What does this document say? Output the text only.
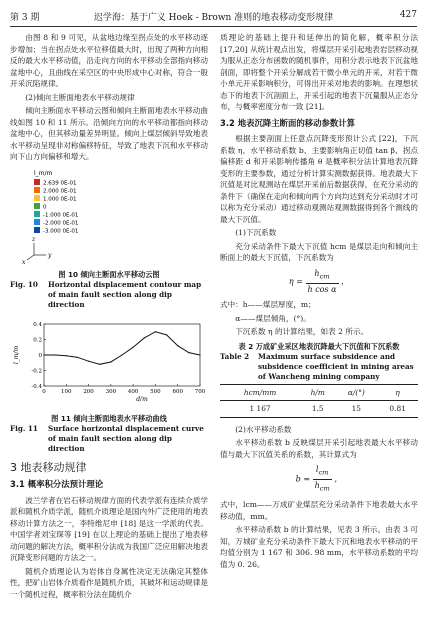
第 3 期	迟学海：基于广义 Hoek - Brown 准则的地表移动变形规律	427

由图 8 和 9 可见，从盆地边缘至拐点处的水平移动逐步增加；当在拐点处水平位移值最大时，出现了两种方向相反的最大水平移动值，沿走向方向的水平移动全部指向移动盆地中心，且曲线在采空区的中央形成中心对称，符合一般开采沉陷规律。

(2)倾向主断面地表水平移动规律

倾向主断面水平移动云图和倾向主断面地表水平移动曲线如图 10 和 11 所示。沿倾向方向的水平移动都指向移动盆地中心，但其移动量差异明显。倾向上煤层倾斜导致地表水平移动呈现非对称偏移特征，导致了地表下沉和水平移动向下山方向偏移和增大。

l_m/m
2.639 0E-01
2.000 0E-01
1.000 0E-01
0
-1.000 0E-01
-2.000 0E-01
-3.000 0E-01
z
y
x
图 10 倾向主断面水平移动云图
Fig. 10	Horizontal displacement contour map of main fault section along dip direction
0	100 200 300 400 500 600 700
-0.4
-0.2
0
0.2
0.4
d/m
l_m/m
图 11 倾向主断面地表水平移动曲线
Fig. 11	Surface horizontal displacement curve of main fault section along dip direction
3 地表移动规律
3.1 概率积分法预计理论

波兰学者在岩石移动规律方面的代表学派有连续介质学派和随机介质学派，随机介质理论是国内外广泛使用的地表移动计算方法之一，李特维尼申 [18] 是这一学派的代表。中国学者刘宝琛等 [19] 在以上理论的基础上提出了地表移动问题的解决方法，概率积分法成为我国广泛应用解决地表沉降变形问题的方法之一。

随机介质理论认为岩体自身属性决定无法确定其整体性，把矿山岩体介质看作是随机介质，其破坏和运动规律是一个随机过程，概率积分法在随机介

质理论的基础上提升和延伸出的简化解，概率积分法 [17,20] 从统计观点出发，将煤层开采引起地表岩层移动视为服从正态分布函数的随机事件，用积分表示地表下沉盆地剖面，即将整个开采分解成若干微小单元的开采，对若干微小单元开采影响积分，可得出开采对地表的影响。在理想状态下的地表下沉剖面上，开采引起的地表下沉量服从正态分布，与概率密度分布一致 [21]。

3.2 地表沉降主断面的移动参数计算

根据主要剖面上任意点沉降变形预计公式 [22]，下沉系数 η、水平移动系数 b、主要影响角正切值 tan β、拐点偏移距 d 和开采影响传播角 θ 是概率积分法计算地表沉降变形的主要参数，通过分析计算实测数据获得。地表最大下沉值是对比观测站在煤层开采前后数据获得，在充分采动的条件下（确保在走向和倾向两个方向均达到充分采动时才可以称为充分采动）通过移动观测站观测数据得到各个测线的最大下沉值。

(1)下沉系数

充分采动条件下最大下沉值 hcm 是煤层走向和倾向主断面上的最大下沉值，下沉系数为

η =
$h_{cm}$
h cos α
，

式中：h——煤层厚度，m；

α——煤层倾角，(°)。

下沉系数 η 的计算结果，如表 2 所示。

表 2 万成矿业采区地表沉降最大下沉值和下沉系数
Table 2	Maximum surface subsidence and subsidence coefficient in mining areas of Wancheng mining company
hcm/mm	h/m	α/(°)	η
1 167	1.5	15	0.81

(2)水平移动系数

水平移动系数 b 反映煤层开采引起地表最大水平移动值与最大下沉值关系的系数，其计算式为

b =
$l_{cm}$
$h_{cm}$
，

式中，lcm——万成矿业煤层充分采动条件下地表最大水平移动值，mm。

水平移动系数 b 的计算结果，见表 3 所示。由表 3 可知，万城矿业充分采动条件下最大下沉和地表水平移动的平均值分别为 1 167 和 306. 98 mm，水平移动系数的平均值为 0. 26。
